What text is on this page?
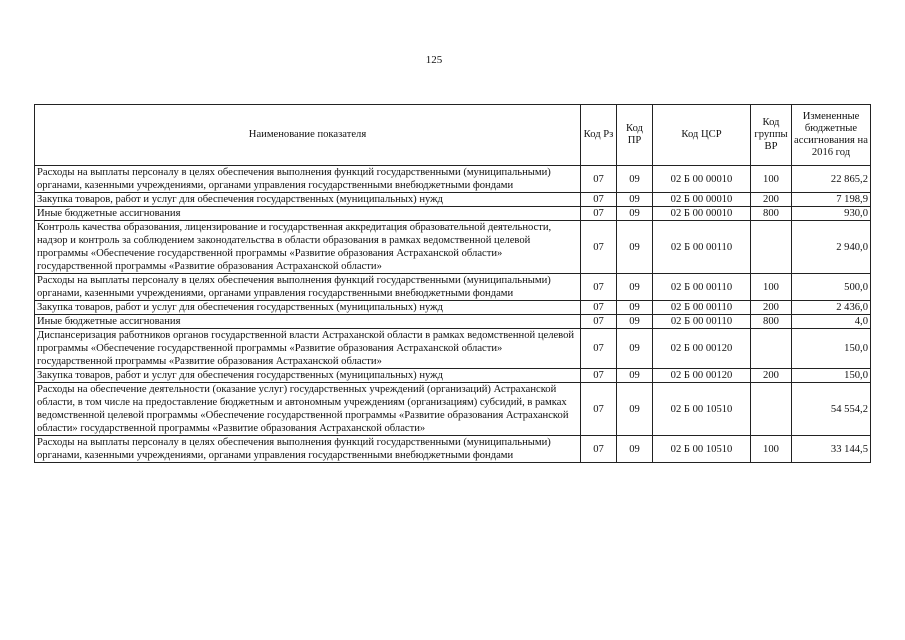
125
Наименование показателя	Код Рз	Код ПР	Код ЦСР	Код группы ВР	Измененные бюджетные ассигнования на 2016 год
Расходы на выплаты персоналу в целях обеспечения выполнения функций государственными (муниципальными) органами, казенными учреждениями, органами управления государственными внебюджетными фондами	07	09	02 Б 00 00010	100	22 865,2
Закупка товаров, работ и услуг для обеспечения государственных (муниципальных) нужд	07	09	02 Б 00 00010	200	7 198,9
Иные бюджетные ассигнования	07	09	02 Б 00 00010	800	930,0
Контроль качества образования, лицензирование и государственная аккредитация образовательной деятельности, надзор и контроль за соблюдением законодательства в области образования в рамках ведомственной целевой программы «Обеспечение государственной программы «Развитие образования Астраханской области» государственной программы «Развитие образования Астраханской области»	07	09	02 Б 00 00110		2 940,0
Расходы на выплаты персоналу в целях обеспечения выполнения функций государственными (муниципальными) органами, казенными учреждениями, органами управления государственными внебюджетными фондами	07	09	02 Б 00 00110	100	500,0
Закупка товаров, работ и услуг для обеспечения государственных (муниципальных) нужд	07	09	02 Б 00 00110	200	2 436,0
Иные бюджетные ассигнования	07	09	02 Б 00 00110	800	4,0
Диспансеризация работников органов государственной власти Астраханской области в рамках ведомственной целевой программы «Обеспечение государственной программы «Развитие образования Астраханской области» государственной программы «Развитие образования Астраханской области»	07	09	02 Б 00 00120		150,0
Закупка товаров, работ и услуг для обеспечения государственных (муниципальных) нужд	07	09	02 Б 00 00120	200	150,0
Расходы на обеспечение деятельности (оказание услуг) государственных учреждений (организаций) Астраханской области, в том числе на предоставление бюджетным и автономным учреждениям (организациям) субсидий, в рамках ведомственной целевой программы «Обеспечение государственной программы «Развитие образования Астраханской области» государственной программы «Развитие образования Астраханской области»	07	09	02 Б 00 10510		54 554,2
Расходы на выплаты персоналу в целях обеспечения выполнения функций государственными (муниципальными) органами, казенными учреждениями, органами управления государственными внебюджетными фондами	07	09	02 Б 00 10510	100	33 144,5
